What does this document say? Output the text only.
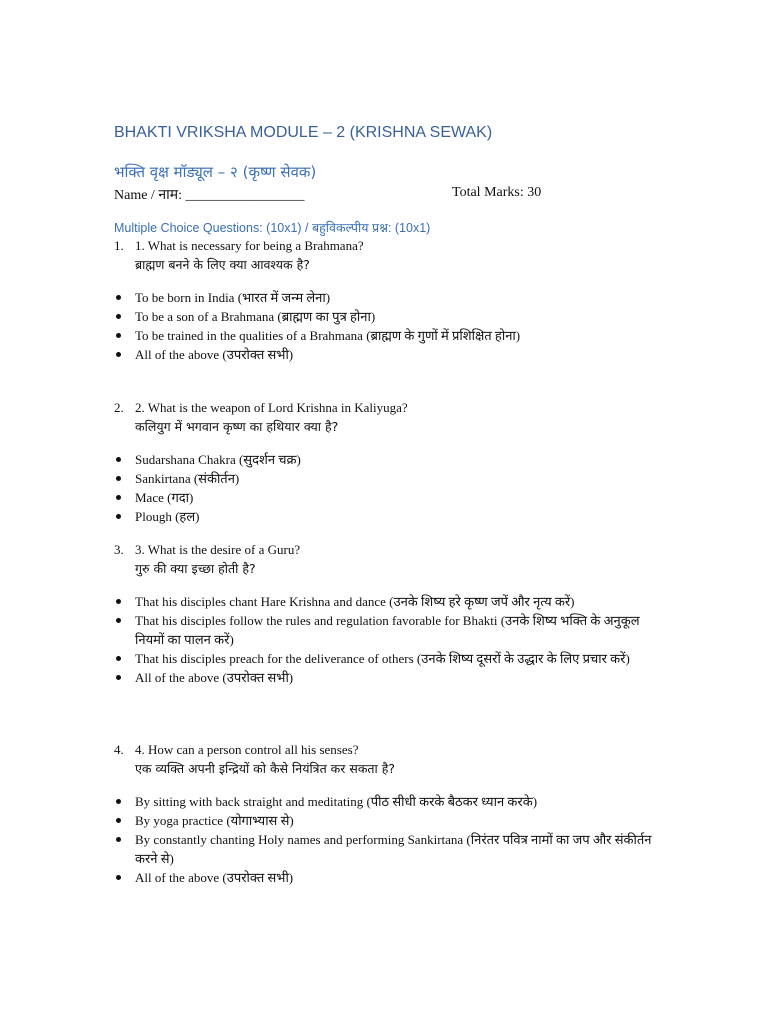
BHAKTI VRIKSHA MODULE – 2 (KRISHNA SEWAK)
भक्ति वृक्ष मॉड्यूल – २ (कृष्ण सेवक)
Name / नाम: _________________	Total Marks: 30
Multiple Choice Questions: (10x1) / बहुविकल्पीय प्रश्न: (10x1)
1. 1. What is necessary for being a Brahmana?
ब्राह्मण बनने के लिए क्या आवश्यक है?
To be born in India (भारत में जन्म लेना)
To be a son of a Brahmana (ब्राह्मण का पुत्र होना)
To be trained in the qualities of a Brahmana (ब्राह्मण के गुणों में प्रशिक्षित होना)
All of the above (उपरोक्त सभी)
2. 2. What is the weapon of Lord Krishna in Kaliyuga?
कलियुग में भगवान कृष्ण का हथियार क्या है?
Sudarshana Chakra (सुदर्शन चक्र)
Sankirtana (संकीर्तन)
Mace (गदा)
Plough (हल)
3. 3. What is the desire of a Guru?
गुरु की क्या इच्छा होती है?
That his disciples chant Hare Krishna and dance (उनके शिष्य हरे कृष्ण जपें और नृत्य करें)
That his disciples follow the rules and regulation favorable for Bhakti (उनके शिष्य भक्ति के अनुकूल नियमों का पालन करें)
That his disciples preach for the deliverance of others (उनके शिष्य दूसरों के उद्धार के लिए प्रचार करें)
All of the above (उपरोक्त सभी)
4. 4. How can a person control all his senses?
एक व्यक्ति अपनी इन्द्रियों को कैसे नियंत्रित कर सकता है?
By sitting with back straight and meditating (पीठ सीधी करके बैठकर ध्यान करके)
By yoga practice (योगाभ्यास से)
By constantly chanting Holy names and performing Sankirtana (निरंतर पवित्र नामों का जप और संकीर्तन करने से)
All of the above (उपरोक्त सभी)
